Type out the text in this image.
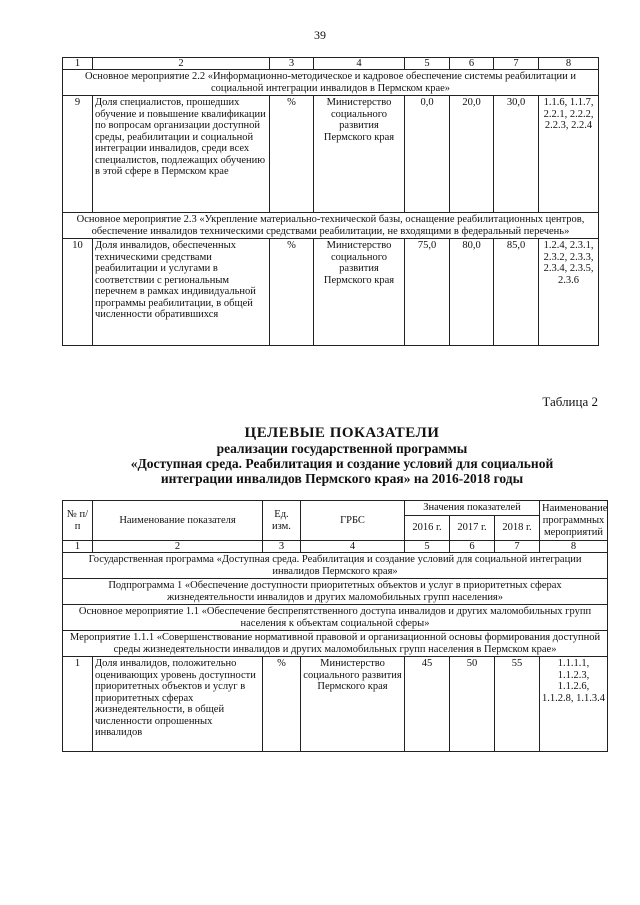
39
1	2	3	4	5	6	7	8
Основное мероприятие 2.2 «Информационно-методическое и кадровое обеспечение системы реабилитации и социальной интеграции инвалидов в Пермском крае»							
9	Доля специалистов, прошедших обучение и повышение квалификации по вопросам организации доступной среды, реабилитации и социальной интеграции инвалидов, среди всех специалистов, подлежащих обучению в этой сфере в Пермском крае	%	Министерство социального развития Пермского края	0,0	20,0	30,0	1.1.6, 1.1.7, 2.2.1, 2.2.2, 2.2.3, 2.2.4
Основное мероприятие 2.3 «Укрепление материально-технической базы, оснащение реабилитационных центров, обеспечение инвалидов техническими средствами реабилитации, не входящими в федеральный перечень»							
10	Доля инвалидов, обеспеченных техническими средствами реабилитации и услугами в соответствии с региональным перечнем в рамках индивидуальной программы реабилитации, в общей численности обратившихся	%	Министерство социального развития Пермского края	75,0	80,0	85,0	1.2.4, 2.3.1, 2.3.2, 2.3.3, 2.3.4, 2.3.5, 2.3.6
Таблица 2
ЦЕЛЕВЫЕ ПОКАЗАТЕЛИ
реализации государственной программы
«Доступная среда. Реабилитация и создание условий для социальной
интеграции инвалидов Пермского края» на 2016-2018 годы
№ п/п	Наименование показателя	Ед. изм.	ГРБС	Значения показателей			Наименование программных мероприятий
				2016 г.	2017 г.	2018 г.	
1	2	3	4	5	6	7	8
Государственная программа «Доступная среда. Реабилитация и создание условий для социальной интеграции инвалидов Пермского края»							
Подпрограмма 1 «Обеспечение доступности приоритетных объектов и услуг в приоритетных сферах жизнедеятельности инвалидов и других маломобильных групп населения»							
Основное мероприятие 1.1 «Обеспечение беспрепятственного доступа инвалидов и других маломобильных групп населения к объектам социальной сферы»							
Мероприятие 1.1.1 «Совершенствование нормативной правовой и организационной основы формирования доступной среды жизнедеятельности инвалидов и других маломобильных групп населения в Пермском крае»							
1	Доля инвалидов, положительно оценивающих уровень доступности приоритетных объектов и услуг в приоритетных сферах жизнедеятельности, в общей численности опрошенных инвалидов	%	Министерство социального развития Пермского края	45	50	55	1.1.1.1, 1.1.2.3, 1.1.2.6, 1.1.2.8, 1.1.3.4
